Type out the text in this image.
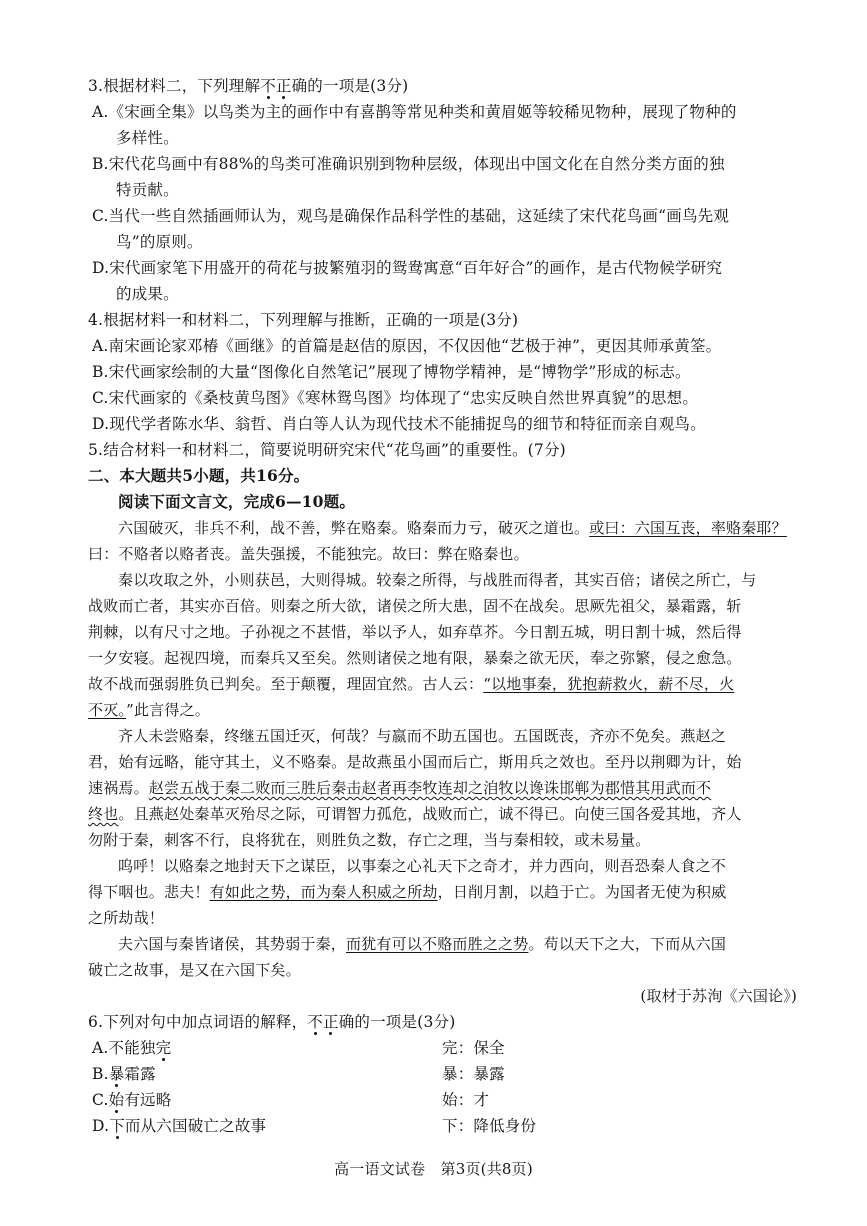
3.根据材料二，下列理解不正确的一项是(3分)
A.《宋画全集》以鸟类为主的画作中有喜鹊等常见种类和黄眉姬等较稀见物种，展现了物种的
多样性。
B.宋代花鸟画中有88%的鸟类可准确识别到物种层级，体现出中国文化在自然分类方面的独
特贡献。
C.当代一些自然插画师认为，观鸟是确保作品科学性的基础，这延续了宋代花鸟画“画鸟先观
鸟”的原则。
D.宋代画家笔下用盛开的荷花与披繁殖羽的鸳鸯寓意“百年好合”的画作，是古代物候学研究
的成果。
4.根据材料一和材料二，下列理解与推断，正确的一项是(3分)
A.南宋画论家邓椿《画继》的首篇是赵佶的原因，不仅因他“艺极于神”，更因其师承黄筌。
B.宋代画家绘制的大量“图像化自然笔记”展现了博物学精神，是“博物学”形成的标志。
C.宋代画家的《桑枝黄鸟图》《寒林鸳鸟图》均体现了“忠实反映自然世界真貌”的思想。
D.现代学者陈水华、翁哲、肖白等人认为现代技术不能捕捉鸟的细节和特征而亲自观鸟。
5.结合材料一和材料二，简要说明研究宋代“花鸟画”的重要性。(7分)
二、本大题共5小题，共16分。
阅读下面文言文，完成6—10题。
六国破灭，非兵不利，战不善，弊在赂秦。赂秦而力亏，破灭之道也。或曰：六国互丧，率赂秦耶？
曰：不赂者以赂者丧。盖失强援，不能独完。故曰：弊在赂秦也。
秦以攻取之外，小则获邑，大则得城。较秦之所得，与战胜而得者，其实百倍；诸侯之所亡，与
战败而亡者，其实亦百倍。则秦之所大欲，诸侯之所大患，固不在战矣。思厥先祖父，暴霜露，斩
荆棘，以有尺寸之地。子孙视之不甚惜，举以予人，如弃草芥。今日割五城，明日割十城，然后得
一夕安寝。起视四境，而秦兵又至矣。然则诸侯之地有限，暴秦之欲无厌，奉之弥繁，侵之愈急。
故不战而强弱胜负已判矣。至于颠覆，理固宜然。古人云：“以地事秦，犹抱薪救火，薪不尽，火
不灭。”此言得之。
齐人未尝赂秦，终继五国迁灭，何哉？与嬴而不助五国也。五国既丧，齐亦不免矣。燕赵之
君，始有远略，能守其土，义不赂秦。是故燕虽小国而后亡，斯用兵之效也。至丹以荆卿为计，始
速祸焉。赵尝五战于秦二败而三胜后秦击赵者再李牧连却之洎牧以谗诛邯郸为郡惜其用武而不
终也。且燕赵处秦革灭殆尽之际，可谓智力孤危，战败而亡，诚不得已。向使三国各爱其地，齐人
勿附于秦，刺客不行，良将犹在，则胜负之数，存亡之理，当与秦相较，或未易量。
呜呼！以赂秦之地封天下之谋臣，以事秦之心礼天下之奇才，并力西向，则吾恐秦人食之不
得下咽也。悲夫！有如此之势，而为秦人积威之所劫，日削月割，以趋于亡。为国者无使为积威
之所劫哉！
夫六国与秦皆诸侯，其势弱于秦，而犹有可以不赂而胜之之势。苟以天下之大，下而从六国
破亡之故事，是又在六国下矣。
(取材于苏洵《六国论》)
6.下列对句中加点词语的解释，不正确的一项是(3分)
A.不能独完	完：保全
B.暴霜露	暴：暴露
C.始有远略	始：才
D.下而从六国破亡之故事	下：降低身份
高一语文试卷　第3页(共8页)
